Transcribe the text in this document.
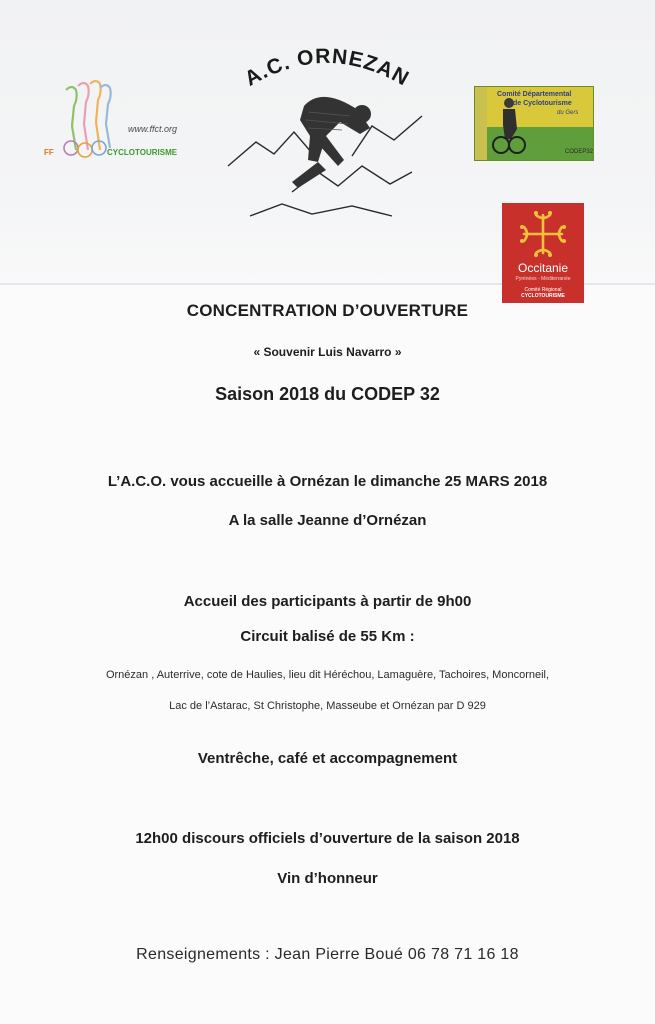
www.ffct.org
FF	CYCLOTOURISME
A.C. ORNEZAN
Comité Départemental
de Cyclotourisme
du Gers
CODEP32
Occitanie
Pyrénées - Méditerranée
Comité Régional
CYCLOTOURISME
CONCENTRATION D’OUVERTURE
« Souvenir Luis Navarro »
Saison 2018 du CODEP 32
L’A.C.O. vous accueille à Ornézan le dimanche 25 MARS 2018
A la salle Jeanne d’Ornézan
Accueil des participants à partir de 9h00
Circuit balisé de 55 Km :
Ornézan , Auterrive, cote de Haulies, lieu dit Héréchou, Lamaguère, Tachoires, Moncorneil,
Lac de l’Astarac, St Christophe, Masseube et Ornézan par D 929
Ventrêche, café et accompagnement
12h00 discours officiels d’ouverture de la saison 2018
Vin d’honneur
Renseignements : Jean Pierre Boué 06 78 71 16 18
